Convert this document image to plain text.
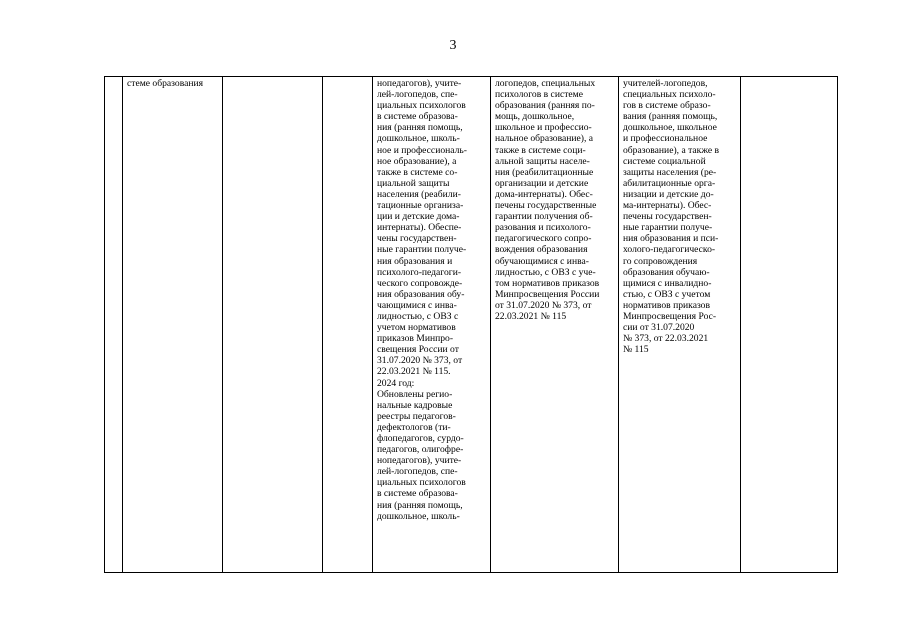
3
	стеме образования			нопедагогов), учите-
лей-логопедов, спе-
циальных психологов
в системе образова-
ния (ранняя помощь,
дошкольное, школь-
ное и профессиональ-
ное образование), а
также в системе со-
циальной защиты
населения (реабили-
тационные организа-
ции и детские дома-
интернаты). Обеспе-
чены государствен-
ные гарантии получе-
ния образования и
психолого-педагоги-
ческого сопровожде-
ния образования обу-
чающимися с инва-
лидностью, с ОВЗ с
учетом нормативов
приказов Минпро-
свещения России от
31.07.2020 № 373, от
22.03.2021 № 115.
2024 год:
Обновлены регио-
нальные кадровые
реестры педагогов-
дефектологов (ти-
флопедагогов, сурдо-
педагогов, олигофре-
нопедагогов), учите-
лей-логопедов, спе-
циальных психологов
в системе образова-
ния (ранняя помощь,
дошкольное, школь-	логопедов, специальных
психологов в системе
образования (ранняя по-
мощь, дошкольное,
школьное и профессио-
нальное образование), а
также в системе соци-
альной защиты населе-
ния (реабилитационные
организации и детские
дома-интернаты). Обес-
печены государственные
гарантии получения об-
разования и психолого-
педагогического сопро-
вождения образования
обучающимися с инва-
лидностью, с ОВЗ с уче-
том нормативов приказов
Минпросвещения России
от 31.07.2020 № 373, от
22.03.2021 № 115	учителей-логопедов,
специальных психоло-
гов в системе образо-
вания (ранняя помощь,
дошкольное, школьное
и профессиональное
образование), а также в
системе социальной
защиты населения (ре-
абилитационные орга-
низации и детские до-
ма-интернаты). Обес-
печены государствен-
ные гарантии получе-
ния образования и пси-
холого-педагогическо-
го сопровождения
образования обучаю-
щимися с инвалидно-
стью, с ОВЗ с учетом
нормативов приказов
Минпросвещения Рос-
сии от 31.07.2020
№ 373, от 22.03.2021
№ 115	
